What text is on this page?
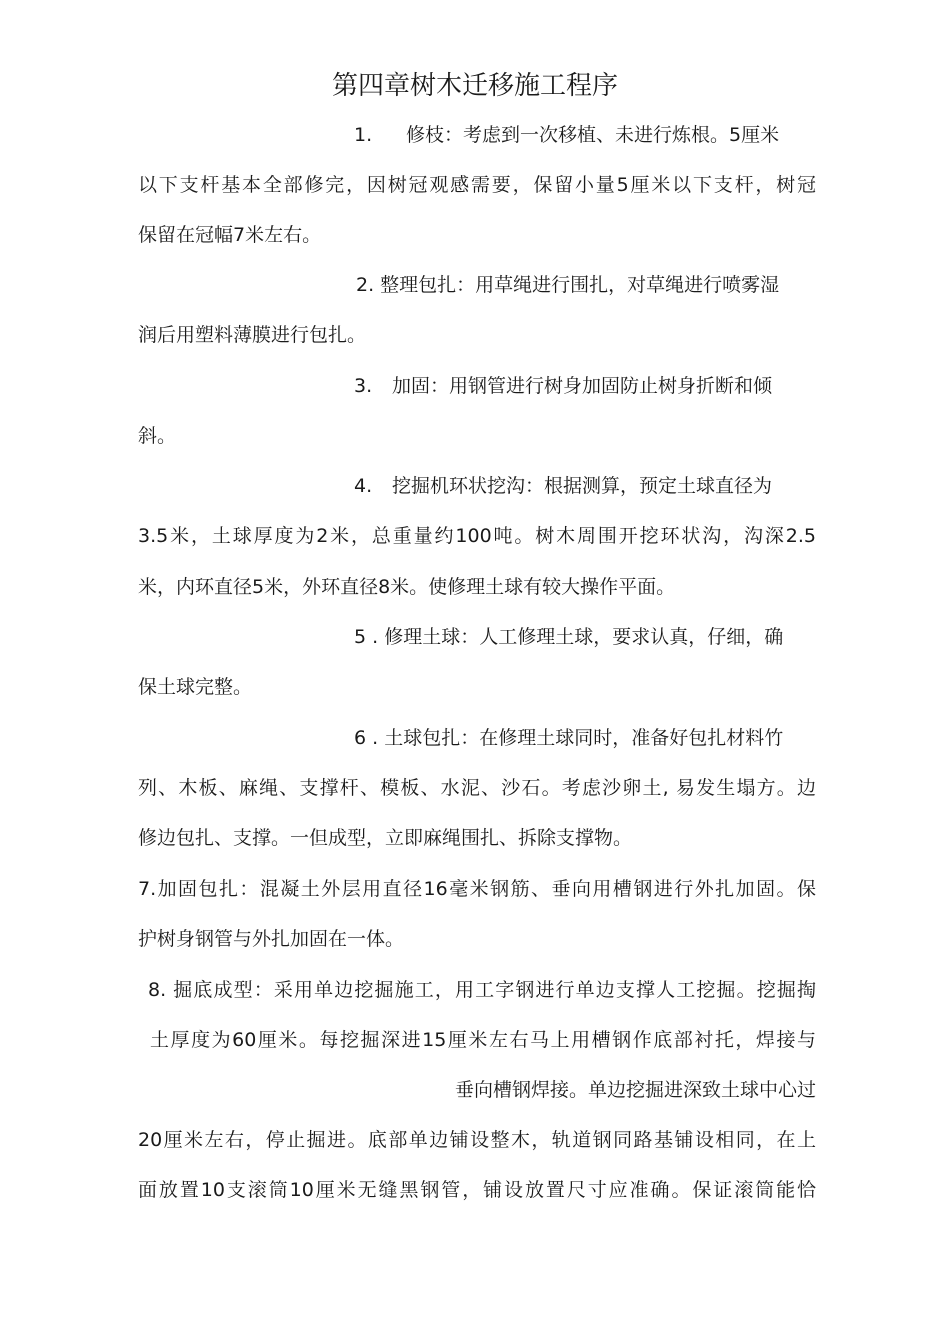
第四章树木迁移施工程序
1. 修枝：考虑到一次移植、未进行炼根。5厘米
以下支杆基本全部修完，因树冠观感需要，保留小量5厘米以下支杆，树冠
保留在冠幅7米左右。
2. 整理包扎：用草绳进行围扎，对草绳进行喷雾湿
润后用塑料薄膜进行包扎。
3. 加固：用钢管进行树身加固防止树身折断和倾
斜。
4. 挖掘机环状挖沟：根据测算，预定土球直径为
3.5米，土球厚度为2米，总重量约100吨。树木周围开挖环状沟，沟深2.5
米，内环直径5米，外环直径8米。使修理土球有较大操作平面。
5 . 修理土球：人工修理土球，要求认真，仔细，确
保土球完整。
6 . 土球包扎：在修理土球同时，准备好包扎材料竹
列、木板、麻绳、支撑杆、模板、水泥、沙石。考虑沙卵土, 易发生塌方。边
修边包扎、支撑。一但成型，立即麻绳围扎、拆除支撑物。
7.加固包扎：混凝土外层用直径16毫米钢筋、垂向用槽钢进行外扎加固。保
护树身钢管与外扎加固在一体。
8. 掘底成型：采用单边挖掘施工，用工字钢进行单边支撑人工挖掘。挖掘掏
土厚度为60厘米。每挖掘深进15厘米左右马上用槽钢作底部衬托，焊接与
垂向槽钢焊接。单边挖掘进深致土球中心过
20厘米左右，停止掘进。底部单边铺设整木，轨道钢同路基铺设相同，在上
面放置10支滚筒10厘米无缝黑钢管，铺设放置尺寸应准确。保证滚筒能恰
